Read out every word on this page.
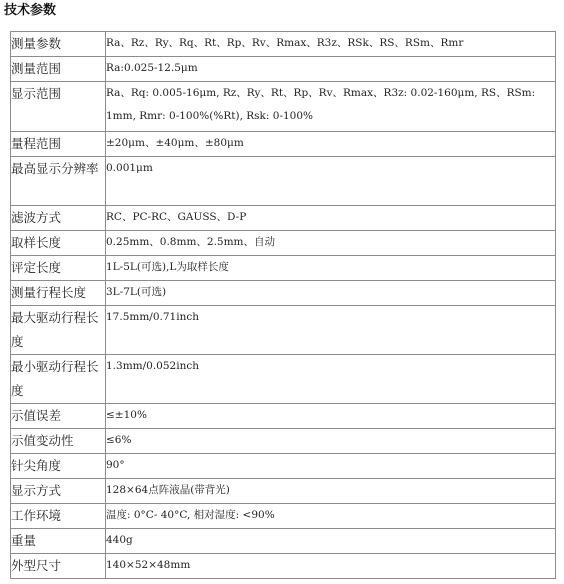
技术参数
测量参数	Ra、Rz、Ry、Rq、Rt、Rp、Rv、Rmax、R3z、RSk、RS、RSm、Rmr
测量范围	Ra:0.025-12.5μm
显示范围	Ra、Rq: 0.005-16μm, Rz、Ry、Rt、Rp、Rv、Rmax、R3z: 0.02-160μm, RS、RSm: 1mm, Rmr: 0-100%(%Rt), Rsk: 0-100%
量程范围	±20μm、±40μm、±80μm
最高显示分辨率	0.001μm
滤波方式	RC、PC-RC、GAUSS、D-P
取样长度	0.25mm、0.8mm、2.5mm、自动
评定长度	1L-5L(可选),L为取样长度
测量行程长度	3L-7L(可选)
最大驱动行程长度	17.5mm/0.71inch
最小驱动行程长度	1.3mm/0.052inch
示值误差	≤±10%
示值变动性	≤6%
针尖角度	90°
显示方式	128×64点阵液晶(带背光)
工作环境	温度: 0°C- 40°C, 相对湿度: <90%
重量	440g
外型尺寸	140×52×48mm
